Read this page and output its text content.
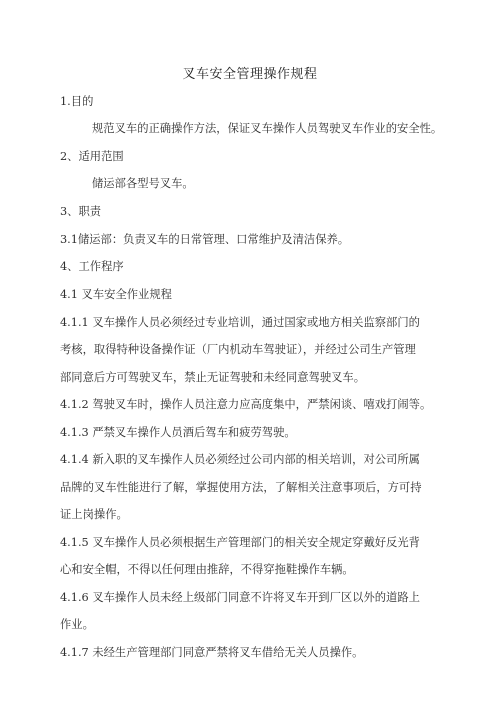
叉车安全管理操作规程
1.目的
规范叉车的正确操作方法，保证叉车操作人员驾驶叉车作业的安全性。
2、适用范围
储运部各型号叉车。
3、职责
3.1储运部：负责叉车的日常管理、口常维护及清洁保养。
4、工作程序
4.1 叉车安全作业规程
4.1.1 叉车操作人员必须经过专业培训，通过国家或地方相关监察部门的
考核，取得特种设备操作证（厂内机动车驾驶证），并经过公司生产管理
部同意后方可驾驶叉车，禁止无证驾驶和未经同意驾驶叉车。
4.1.2 驾驶叉车时，操作人员注意力应高度集中，严禁闲谈、嘻戏打闹等。
4.1.3 严禁叉车操作人员酒后驾车和疲劳驾驶。
4.1.4 新入职的叉车操作人员必须经过公司内部的相关培训，对公司所属
品牌的叉车性能进行了解，掌握使用方法，了解相关注意事项后，方可持
证上岗操作。
4.1.5 叉车操作人员必须根据生产管理部门的相关安全规定穿戴好反光背
心和安全帽，不得以任何理由推辞，不得穿拖鞋操作车辆。
4.1.6 叉车操作人员未经上级部门同意不许将叉车开到厂区以外的道路上
作业。
4.1.7 未经生产管理部门同意严禁将叉车借给无关人员操作。
